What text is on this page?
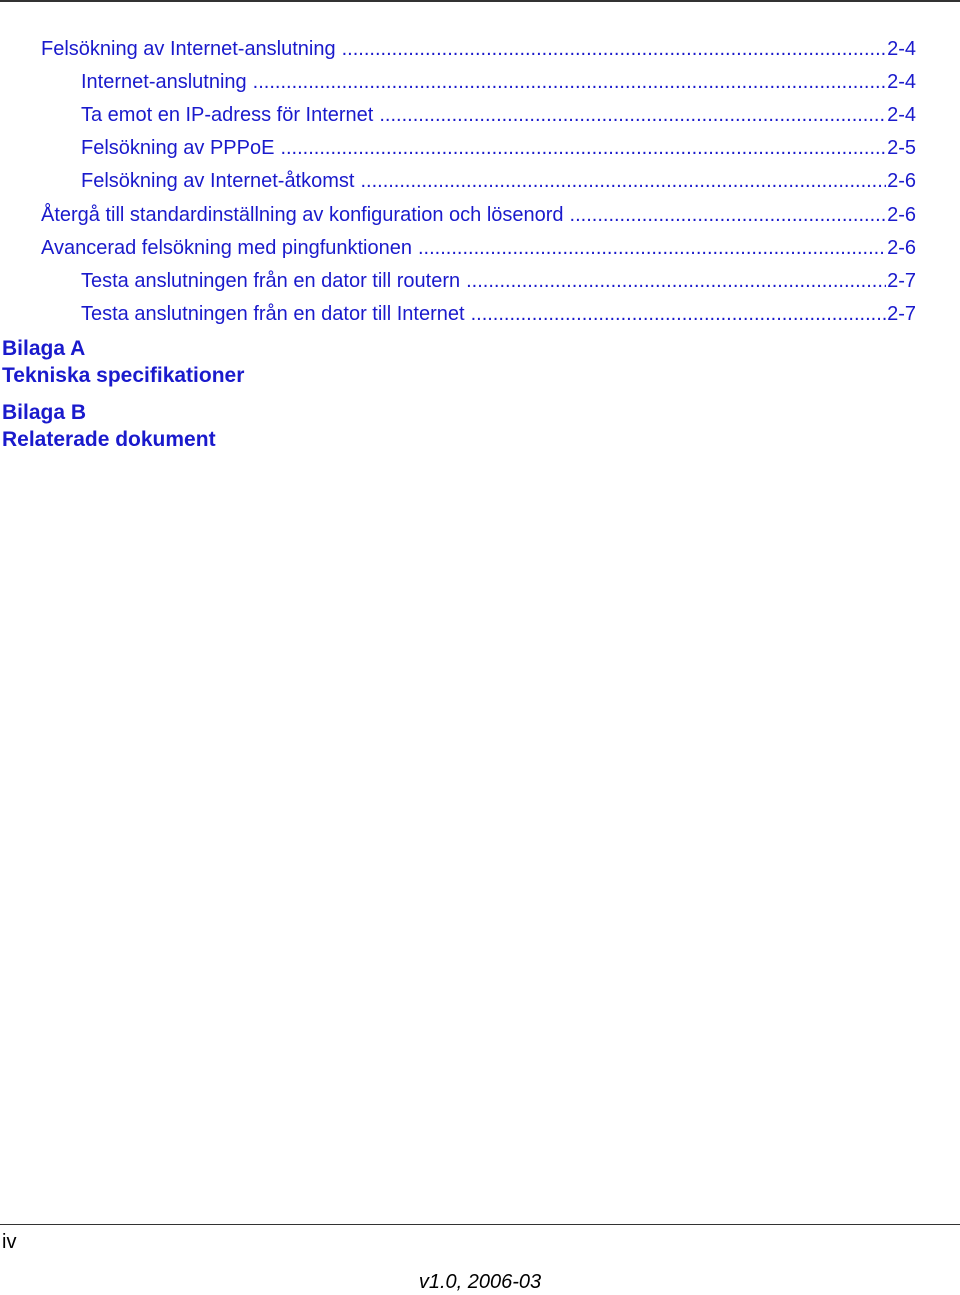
Felsökning av Internet-anslutning .....	2-4
Internet-anslutning .....	2-4
Ta emot en IP-adress för Internet .....	2-4
Felsökning av PPPoE .....	2-5
Felsökning av Internet-åtkomst .....	2-6
Återgå till standardinställning av konfiguration och lösenord .....	2-6
Avancerad felsökning med pingfunktionen .....	2-6
Testa anslutningen från en dator till routern .....	2-7
Testa anslutningen från en dator till Internet .....	2-7
Bilaga A
Tekniska specifikationer
Bilaga B
Relaterade dokument
iv
v1.0, 2006-03
